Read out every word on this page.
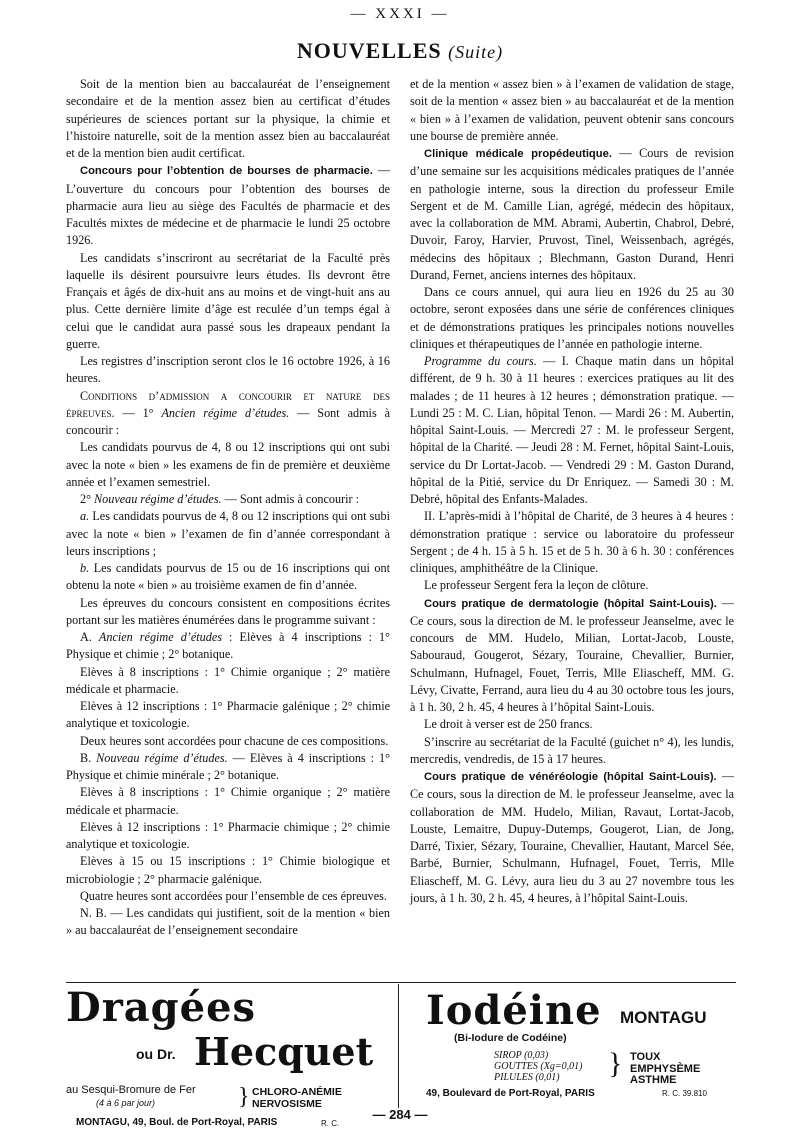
— XXXI —
NOUVELLES (Suite)

Soit de la mention bien au baccalauréat de l’enseignement secondaire et de la mention assez bien au certificat d’études supérieures de sciences portant sur la physique, la chimie et l’histoire naturelle, soit de la mention assez bien au baccalauréat et de la mention bien audit certificat.

Concours pour l’obtention de bourses de pharmacie. — L’ouverture du concours pour l’obtention des bourses de pharmacie aura lieu au siège des Facultés de pharmacie et des Facultés mixtes de médecine et de pharmacie le lundi 25 octobre 1926.

Les candidats s’inscriront au secrétariat de la Faculté près laquelle ils désirent poursuivre leurs études. Ils devront être Français et âgés de dix-huit ans au moins et de vingt-huit ans au plus. Cette dernière limite d’âge est reculée d’un temps égal à celui que le candidat aura passé sous les drapeaux pendant la guerre.

Les registres d’inscription seront clos le 16 octobre 1926, à 16 heures.

Conditions d’admission a concourir et nature des épreuves. — 1° Ancien régime d’études. — Sont admis à concourir :

Les candidats pourvus de 4, 8 ou 12 inscriptions qui ont subi avec la note « bien » les examens de fin de première et deuxième année et l’examen semestriel.

2° Nouveau régime d’études. — Sont admis à concourir :

a. Les candidats pourvus de 4, 8 ou 12 inscriptions qui ont subi avec la note « bien » l’examen de fin d’année correspondant à leurs inscriptions ;

b. Les candidats pourvus de 15 ou de 16 inscriptions qui ont obtenu la note « bien » au troisième examen de fin d’année.

Les épreuves du concours consistent en compositions écrites portant sur les matières énumérées dans le programme suivant :

A. Ancien régime d’études : Elèves à 4 inscriptions : 1° Physique et chimie ; 2° botanique.

Elèves à 8 inscriptions : 1° Chimie organique ; 2° matière médicale et pharmacie.

Elèves à 12 inscriptions : 1° Pharmacie galénique ; 2° chimie analytique et toxicologie.

Deux heures sont accordées pour chacune de ces compositions.

B. Nouveau régime d’études. — Elèves à 4 inscriptions : 1° Physique et chimie minérale ; 2° botanique.

Elèves à 8 inscriptions : 1° Chimie organique ; 2° matière médicale et pharmacie.

Elèves à 12 inscriptions : 1° Pharmacie chimique ; 2° chimie analytique et toxicologie.

Elèves à 15 ou 15 inscriptions : 1° Chimie biologique et microbiologie ; 2° pharmacie galénique.

Quatre heures sont accordées pour l’ensemble de ces épreuves.

N. B. — Les candidats qui justifient, soit de la mention « bien » au baccalauréat de l’enseignement secondaire

et de la mention « assez bien » à l’examen de validation de stage, soit de la mention « assez bien » au baccalauréat et de la mention « bien » à l’examen de validation, peuvent obtenir sans concours une bourse de première année.

Clinique médicale propédeutique. — Cours de revision d’une semaine sur les acquisitions médicales pratiques de l’année en pathologie interne, sous la direction du professeur Emile Sergent et de M. Camille Lian, agrégé, médecin des hôpitaux, avec la collaboration de MM. Abrami, Aubertin, Chabrol, Debré, Duvoir, Faroy, Harvier, Pruvost, Tinel, Weissenbach, agrégés, médecins des hôpitaux ; Blechmann, Gaston Durand, Henri Durand, Fernet, anciens internes des hôpitaux.

Dans ce cours annuel, qui aura lieu en 1926 du 25 au 30 octobre, seront exposées dans une série de conférences cliniques et de démonstrations pratiques les principales notions nouvelles cliniques et thérapeutiques de l’année en pathologie interne.

Programme du cours. — I. Chaque matin dans un hôpital différent, de 9 h. 30 à 11 heures : exercices pratiques au lit des malades ; de 11 heures à 12 heures ; démonstration pratique. — Lundi 25 : M. C. Lian, hôpital Tenon. — Mardi 26 : M. Aubertin, hôpital Saint-Louis. — Mercredi 27 : M. le professeur Sergent, hôpital de la Charité. — Jeudi 28 : M. Fernet, hôpital Saint-Louis, service du Dr Lortat-Jacob. — Vendredi 29 : M. Gaston Durand, hôpital de la Pitié, service du Dr Enriquez. — Samedi 30 : M. Debré, hôpital des Enfants-Malades.

II. L’après-midi à l’hôpital de Charité, de 3 heures à 4 heures : démonstration pratique : service ou laboratoire du professeur Sergent ; de 4 h. 15 à 5 h. 15 et de 5 h. 30 à 6 h. 30 : conférences cliniques, amphithéâtre de la Clinique.

Le professeur Sergent fera la leçon de clôture.

Cours pratique de dermatologie (hôpital Saint-Louis). — Ce cours, sous la direction de M. le professeur Jeanselme, avec le concours de MM. Hudelo, Milian, Lortat-Jacob, Louste, Sabouraud, Gougerot, Sézary, Touraine, Chevallier, Burnier, Schulmann, Hufnagel, Fouet, Terris, Mlle Eliascheff, MM. G. Lévy, Civatte, Ferrand, aura lieu du 4 au 30 octobre tous les jours, à 1 h. 30, 2 h. 45, 4 heures à l’hôpital Saint-Louis.

Le droit à verser est de 250 francs.

S’inscrire au secrétariat de la Faculté (guichet n° 4), les lundis, mercredis, vendredis, de 15 à 17 heures.

Cours pratique de vénéréologie (hôpital Saint-Louis). — Ce cours, sous la direction de M. le professeur Jeanselme, avec la collaboration de MM. Hudelo, Milian, Ravaut, Lortat-Jacob, Louste, Lemaitre, Dupuy-Dutemps, Gougerot, Lian, de Jong, Darré, Tixier, Sézary, Touraine, Chevallier, Hautant, Marcel Sée, Barbé, Burnier, Schulmann, Hufnagel, Fouet, Terris, Mlle Eliascheff, M. G. Lévy, aura lieu du 3 au 27 novembre tous les jours, à 1 h. 30, 2 h. 45, 4 heures, à l’hôpital Saint-Louis.

Dragées
ou Dr. Hecquet
au Sesqui-Bromure de Fer
(4 à 6 par jour)	} CHLORO-ANÉMIE
NERVOSISME
MONTAGU, 49, Boul. de Port-Royal, PARIS	R. C.
Iodéine MONTAGU
(Bi-Iodure de Codéine)
SIROP (0,03)
GOUTTES (Xg=0,01)
PILULES (0,01)	} TOUX
EMPHYSÈME
ASTHME
49, Boulevard de Port-Royal, PARIS	R. C. 39.810
— 284 —
